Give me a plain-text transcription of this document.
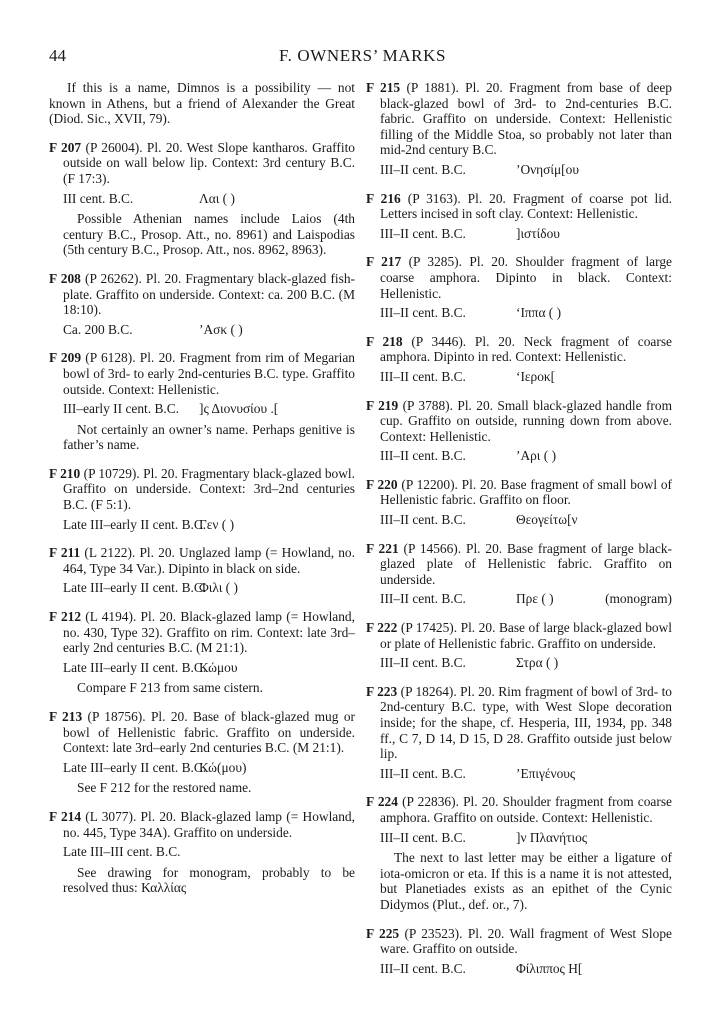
44	F. OWNERS’ MARKS

If this is a name, Dimnos is a possibility — not known in Athens, but a friend of Alexander the Great (Diod. Sic., XVII, 79).

F 207 (P 26004). Pl. 20. West Slope kantharos. Graffito outside on wall below lip. Context: 3rd century B.C. (F 17:3).

III cent. B.C.	Λαι ( )

Possible Athenian names include Laios (4th century B.C., Prosop. Att., no. 8961) and Laispodias (5th century B.C., Prosop. Att., nos. 8962, 8963).

F 208 (P 26262). Pl. 20. Fragmentary black-glazed fish-plate. Graffito on underside. Context: ca. 200 B.C. (M 18:10).

Ca. 200 B.C.	’Ασκ ( )

F 209 (P 6128). Pl. 20. Fragment from rim of Megarian bowl of 3rd- to early 2nd-centuries B.C. type. Graffito outside. Context: Hellenistic.

III–early II cent. B.C.	]ς Διονυσίου .[

Not certainly an owner’s name. Perhaps genitive is father’s name.

F 210 (P 10729). Pl. 20. Fragmentary black-glazed bowl. Graffito on underside. Context: 3rd–2nd centuries B.C. (F 5:1).

Late III–early II cent. B.C.
Γεν ( )

F 211 (L 2122). Pl. 20. Unglazed lamp (= Howland, no. 464, Type 34 Var.). Dipinto in black on side.

Late III–early II cent. B.C.
Φιλι ( )

F 212 (L 4194). Pl. 20. Black-glazed lamp (= Howland, no. 430, Type 32). Graffito on rim. Context: late 3rd–early 2nd centuries B.C. (M 21:1).

Late III–early II cent. B.C.
Κώμου

Compare F 213 from same cistern.

F 213 (P 18756). Pl. 20. Base of black-glazed mug or bowl of Hellenistic fabric. Graffito on underside. Context: late 3rd–early 2nd centuries B.C. (M 21:1).

Late III–early II cent. B.C.
Κώ(μου)

See F 212 for the restored name.

F 214 (L 3077). Pl. 20. Black-glazed lamp (= Howland, no. 445, Type 34A). Graffito on underside.

Late III–III cent. B.C.

See drawing for monogram, probably to be resolved thus: Καλλίας

F 215 (P 1881). Pl. 20. Fragment from base of deep black-glazed bowl of 3rd- to 2nd-centuries B.C. fabric. Graffito on underside. Context: Hellenistic filling of the Middle Stoa, so probably not later than mid-2nd century B.C.

III–II cent. B.C.	’Ονησίμ[ου

F 216 (P 3163). Pl. 20. Fragment of coarse pot lid. Letters incised in soft clay. Context: Hellenistic.

III–II cent. B.C.	]ιστίδου

F 217 (P 3285). Pl. 20. Shoulder fragment of large coarse amphora. Dipinto in black. Context: Hellenistic.

III–II cent. B.C.	‘Ιππα ( )

F 218 (P 3446). Pl. 20. Neck fragment of coarse amphora. Dipinto in red. Context: Hellenistic.

III–II cent. B.C.	‘Ιεροκ[

F 219 (P 3788). Pl. 20. Small black-glazed handle from cup. Graffito on outside, running down from above. Context: Hellenistic.

III–II cent. B.C.	’Αρι ( )

F 220 (P 12200). Pl. 20. Base fragment of small bowl of Hellenistic fabric. Graffito on floor.

III–II cent. B.C.	Θεογείτω[ν

F 221 (P 14566). Pl. 20. Base fragment of large black-glazed plate of Hellenistic fabric. Graffito on underside.

III–II cent. B.C.	Πρε ( )	(monogram)

F 222 (P 17425). Pl. 20. Base of large black-glazed bowl or plate of Hellenistic fabric. Graffito on underside.

III–II cent. B.C.	Στρα ( )

F 223 (P 18264). Pl. 20. Rim fragment of bowl of 3rd- to 2nd-century B.C. type, with West Slope decoration inside; for the shape, cf. Hesperia, III, 1934, pp. 348 ff., C 7, D 14, D 15, D 28. Graffito outside just below lip.

III–II cent. B.C.	’Επιγένους

F 224 (P 22836). Pl. 20. Shoulder fragment from coarse amphora. Graffito on outside. Context: Hellenistic.

III–II cent. B.C.	]ν Πλανήτιος

The next to last letter may be either a ligature of iota-omicron or eta. If this is a name it is not attested, but Planetiades exists as an epithet of the Cynic Didymos (Plut., def. or., 7).

F 225 (P 23523). Pl. 20. Wall fragment of West Slope ware. Graffito on outside.

III–II cent. B.C.	Φίλιππος Η[
